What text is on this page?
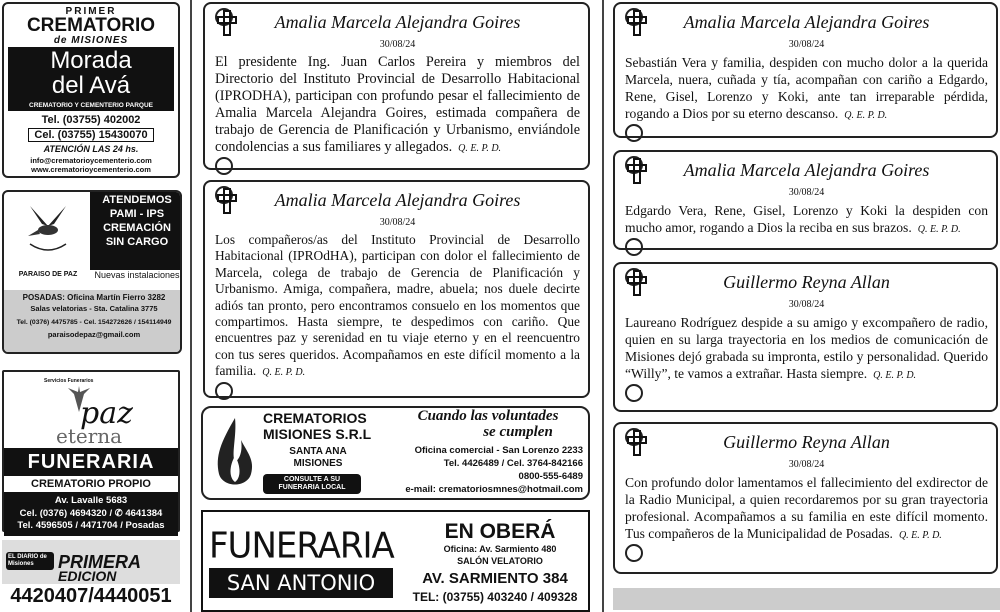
PRIMER
CREMATORIO
de MISIONES
Morada
del Avá
CREMATORIO Y CEMENTERIO PARQUE
Tel. (03755) 402002
Cel. (03755) 15430070
ATENCIÓN LAS 24 hs.
info@crematorioycementerio.com
www.crematorioycementerio.com
PARAISO DE PAZ
ATENDEMOS
PAMI - IPS
CREMACIÓN
SIN CARGO
Nuevas instalaciones
POSADAS: Oficina Martín Fierro 3282
Salas velatorias - Sta. Catalina 3775
Tel. (0376) 4475785 - Cel. 154272626 / 154114949
paraisodepaz@gmail.com
Servicios Funerarios
paz
eterna
FUNERARIA
CREMATORIO PROPIO
Av. Lavalle 5683
Cel. (0376) 4694320 / ✆ 4641384
Tel. 4596505 / 4471704 / Posadas
EL DIARIO de Misiones	PRIMERA
EDICION
4420407/4440051
Amalia Marcela Alejandra Goires
30/08/24
El presidente Ing. Juan Carlos Pereira y miembros del Directorio del Instituto Provincial de Desarrollo Habitacional (IPRODHA), participan con profundo pesar el fallecimiento de Amalia Marcela Alejandra Goires, estimada compañera de trabajo de Gerencia de Planificación y Urbanismo, enviándole condolencias a sus familiares y allegados. Q. E. P. D.
Amalia Marcela Alejandra Goires
30/08/24
Los compañeros/as del Instituto Provincial de Desarrollo Habitacional (IPROdHA), participan con dolor el fallecimiento de Marcela, colega de trabajo de Gerencia de Planificación y Urbanismo. Amiga, compañera, madre, abuela; nos duele decirte adiós tan pronto, pero encontramos consuelo en los momentos que compartimos. Hasta siempre, te despedimos con cariño. Que encuentres paz y serenidad en tu viaje eterno y en el reencuentro con tus seres queridos. Acompañamos en este difícil momento a la familia. Q. E. P. D.
CREMATORIOS
MISIONES S.R.L
SANTA ANA
MISIONES
CONSULTE A SU
FUNERARIA LOCAL
Cuando las voluntades
se cumplen
Oficina comercial - San Lorenzo 2233
Tel. 4426489 / Cel. 3764-842166
0800-555-6489
e-mail: crematoriosmnes@hotmail.com
FUNERARIA
SAN ANTONIO
EN OBERÁ
Oficina: Av. Sarmiento 480
SALÓN VELATORIO
AV. SARMIENTO 384
TEL: (03755) 403240 / 409328
Amalia Marcela Alejandra Goires
30/08/24
Sebastián Vera y familia, despiden con mucho dolor a la querida Marcela, nuera, cuñada y tía, acompañan con cariño a Edgardo, Rene, Gisel, Lorenzo y Koki, ante tan irreparable pérdida, rogando a Dios por su eterno descanso. Q. E. P. D.
Amalia Marcela Alejandra Goires
30/08/24
Edgardo Vera, Rene, Gisel, Lorenzo y Koki la despiden con mucho amor, rogando a Dios la reciba en sus brazos. Q. E. P. D.
Guillermo Reyna Allan
30/08/24
Laureano Rodríguez despide a su amigo y excompañero de radio, quien en su larga trayectoria en los medios de comunicación de Misiones dejó grabada su impronta, estilo y personalidad. Querido “Willy”, te vamos a extrañar. Hasta siempre. Q. E. P. D.
Guillermo Reyna Allan
30/08/24
Con profundo dolor lamentamos el fallecimiento del exdirector de la Radio Municipal, a quien recordaremos por su gran trayectoria profesional. Acompañamos a su familia en este difícil momento. Tus compañeros de la Municipalidad de Posadas. Q. E. P. D.
